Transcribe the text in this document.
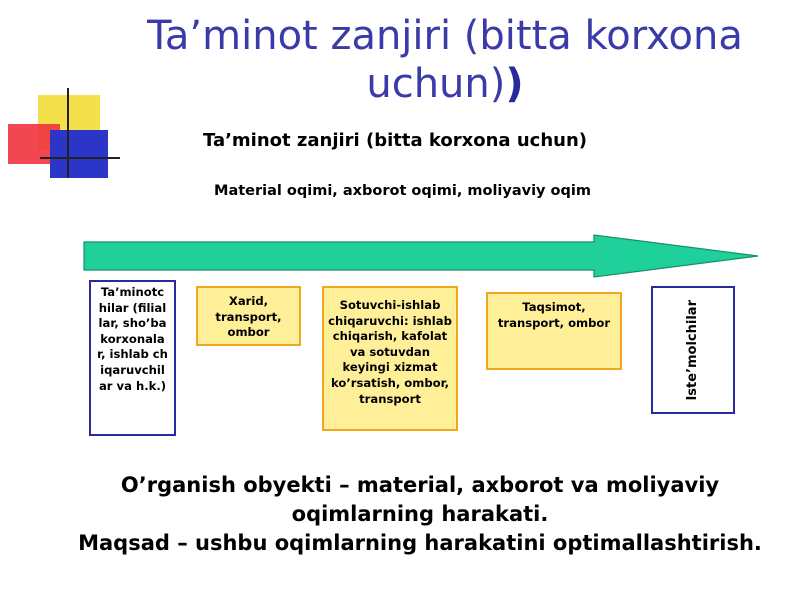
Ta’minot zanjiri (bitta korxona uchun))
Ta’minot zanjiri (bitta korxona uchun)
Material oqimi, axborot oqimi, moliyaviy oqim
Ta’minotchilar (filiallar, sho’ba korxonalar, ishlab chiqaruvchilar va h.k.)
Xarid, transport, ombor
Sotuvchi-ishlab chiqaruvchi: ishlab chiqarish, kafolat va sotuvdan keyingi xizmat ko’rsatish, ombor, transport
Taqsimot, transport, ombor	Iste’molchilar
O’rganish obyekti – material, axborot va moliyaviy oqimlarning harakati.
Maqsad – ushbu oqimlarning harakatini optimallashtirish.
